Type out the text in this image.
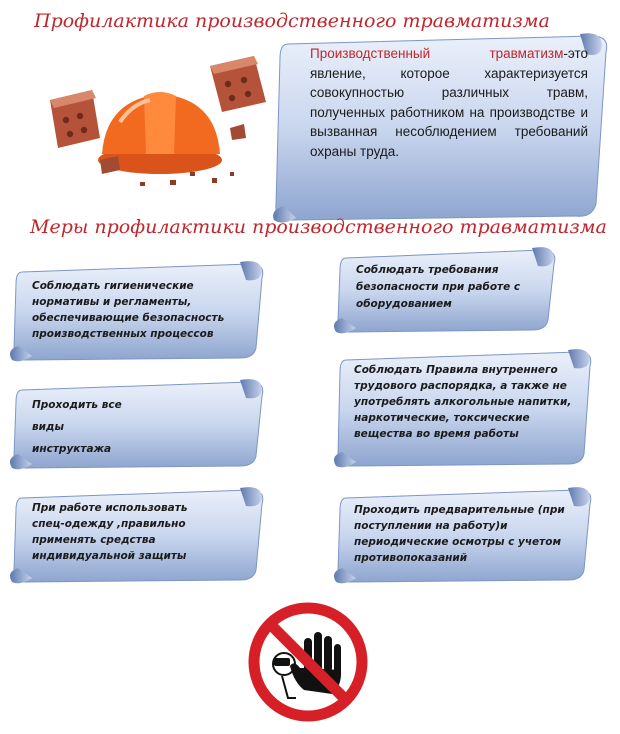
Профилактика производственного травматизма
Производственный	травматизм-это явление, которое характеризуется совокупностью различных травм, полученных работником на производстве и вызванная несоблюдением требований охраны труда.
Меры профилактики производственного травматизма
Соблюдать гигиенические нормативы и регламенты, обеспечивающие безопасность производственных процессов
Проходить все виды инструктажа
При работе использовать спец-одежду ,правильно применять средства индивидуальной защиты
Соблюдать требования безопасности при работе с оборудованием
Соблюдать Правила внутреннего трудового распорядка, а также не употреблять алкогольные напитки, наркотические, токсические вещества во время работы
Проходить предварительные (при поступлении на работу)и периодические осмотры с учетом противопоказаний
